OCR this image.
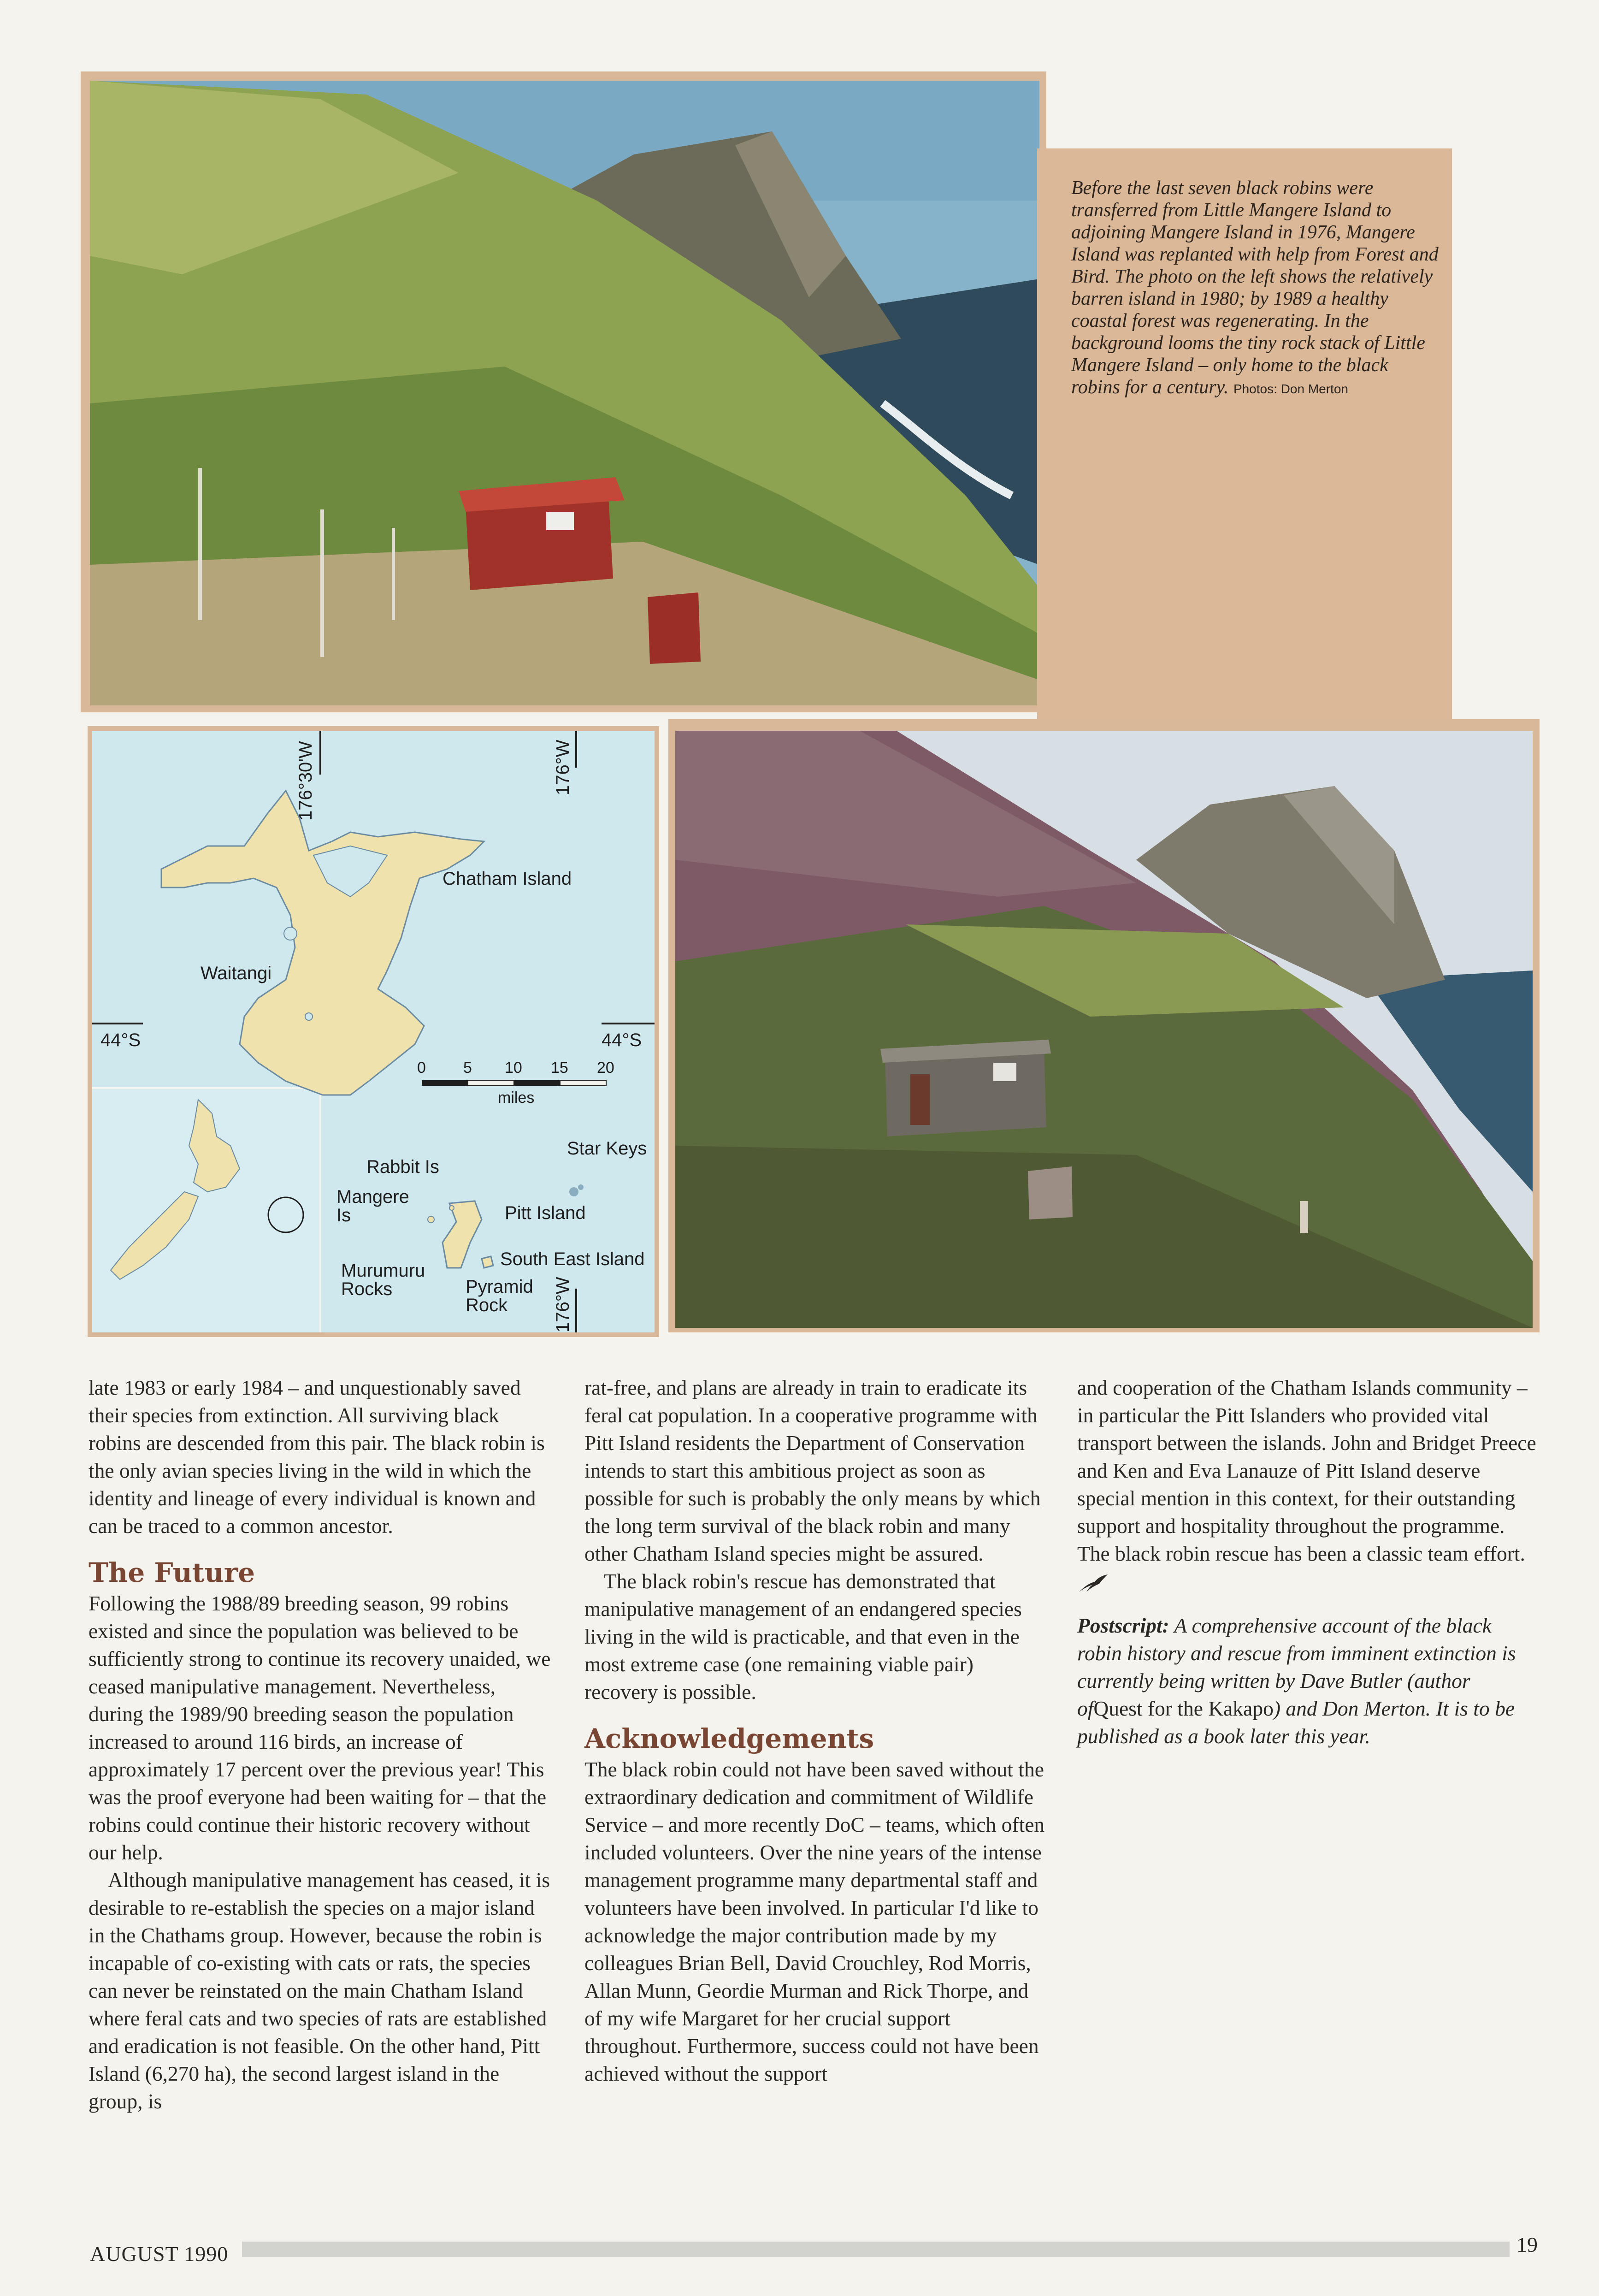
Before the last seven black robins were transferred from Little Mangere Island to adjoining Mangere Island in 1976, Mangere Island was replanted with help from Forest and Bird. The photo on the left shows the relatively barren island in 1980; by 1989 a healthy coastal forest was regenerating. In the background looms the tiny rock stack of Little Mangere Island – only home to the black robins for a century. Photos: Don Merton
Chatham Island
Waitangi
44°S	44°S
176°30'W	176°W
176°W
0 5 10 15 20
miles
Rabbit Is
Star Keys
Mangere
Is	Pitt Island
South East Island
Murumuru
Rocks	Pyramid
Rock

late 1983 or early 1984 – and unquestionably saved their species from extinction. All surviving black robins are descended from this pair. The black robin is the only avian species living in the wild in which the identity and lineage of every individual is known and can be traced to a common ancestor.

The Future

Following the 1988/89 breeding season, 99 robins existed and since the population was believed to be sufficiently strong to continue its recovery unaided, we ceased manipulative management. Nevertheless, during the 1989/90 breeding season the population increased to around 116 birds, an increase of approximately 17 percent over the previous year! This was the proof everyone had been waiting for – that the robins could continue their historic recovery without our help.

Although manipulative management has ceased, it is desirable to re-establish the species on a major island in the Chathams group. However, because the robin is incapable of co-existing with cats or rats, the species can never be reinstated on the main Chatham Island where feral cats and two species of rats are established and eradication is not feasible. On the other hand, Pitt Island (6,270 ha), the second largest island in the group, is

rat-free, and plans are already in train to eradicate its feral cat population. In a cooperative programme with Pitt Island residents the Department of Conservation intends to start this ambitious project as soon as possible for such is probably the only means by which the long term survival of the black robin and many other Chatham Island species might be assured.

The black robin's rescue has demonstrated that manipulative management of an endangered species living in the wild is practicable, and that even in the most extreme case (one remaining viable pair) recovery is possible.

Acknowledgements

The black robin could not have been saved without the extraordinary dedication and commitment of Wildlife Service – and more recently DoC – teams, which often included volunteers. Over the nine years of the intense management programme many departmental staff and volunteers have been involved. In particular I'd like to acknowledge the major contribution made by my colleagues Brian Bell, David Crouchley, Rod Morris, Allan Munn, Geordie Murman and Rick Thorpe, and of my wife Margaret for her crucial support throughout. Furthermore, success could not have been achieved without the support

and cooperation of the Chatham Islands community – in particular the Pitt Islanders who provided vital transport between the islands. John and Bridget Preece and Ken and Eva Lanauze of Pitt Island deserve special mention in this context, for their outstanding support and hospitality throughout the programme. The black robin rescue has been a classic team effort.

Postscript: A comprehensive account of the black robin history and rescue from imminent extinction is currently being written by Dave Butler (author ofQuest for the Kakapo) and Don Merton. It is to be published as a book later this year.

AUGUST 1990	19
